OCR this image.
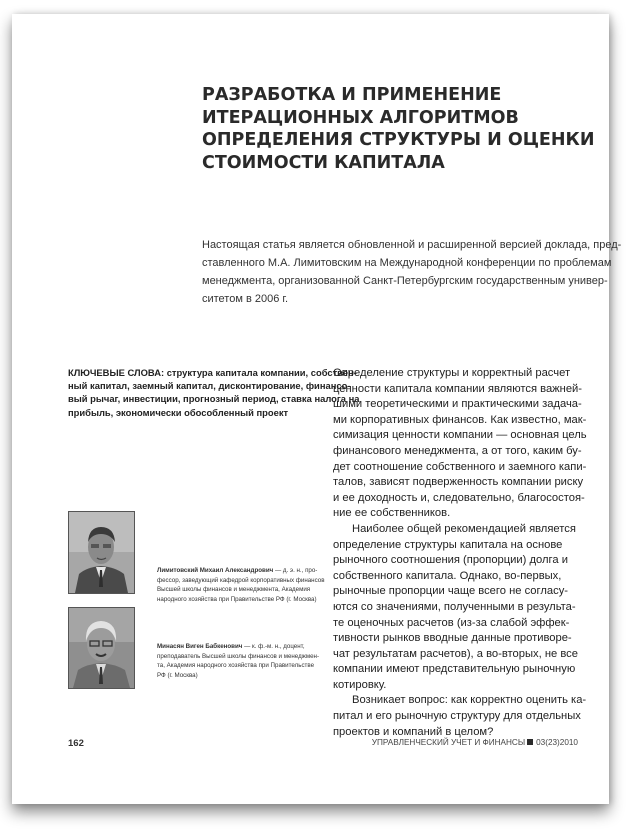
РАЗРАБОТКА И ПРИМЕНЕНИЕ
ИТЕРАЦИОННЫХ АЛГОРИТМОВ
ОПРЕДЕЛЕНИЯ СТРУКТУРЫ И ОЦЕНКИ
СТОИМОСТИ КАПИТАЛА
Настоящая статья является обновленной и расширенной версией доклада, пред-
ставленного М.А. Лимитовским на Международной конференции по проблемам
менеджмента, организованной Санкт-Петербургским государственным универ-
ситетом в 2006 г.
КЛЮЧЕВЫЕ СЛОВА: структура капитала компании, собствен-
ный капитал, заемный капитал, дисконтирование, финансо-
вый рычаг, инвестиции, прогнозный период, ставка налога на
прибыль, экономически обособленный проект
Определение структуры и корректный расчет
ценности капитала компании являются важней-
шими теоретическими и практическими задача-
ми корпоративных финансов. Как известно, мак-
симизация ценности компании — основная цель
финансового менеджмента, а от того, каким бу-
дет соотношение собственного и заемного капи-
талов, зависят подверженность компании риску
и ее доходность и, следовательно, благосостоя-
ние ее собственников.
Наиболее общей рекомендацией является
определение структуры капитала на основе
рыночного соотношения (пропорции) долга и
собственного капитала. Однако, во-первых,
рыночные пропорции чаще всего не согласу-
ются со значениями, полученными в результа-
те оценочных расчетов (из-за слабой эффек-
тивности рынков вводные данные противоре-
чат результатам расчетов), а во-вторых, не все
компании имеют представительную рыночную
котировку.
Возникает вопрос: как корректно оценить ка-
питал и его рыночную структуру для отдельных
проектов и компаний в целом?
Лимитовский Михаил Александрович — д. э. н., про-
фессор, заведующий кафедрой корпоративных финансов
Высшей школы финансов и менеджмента, Академия
народного хозяйства при Правительстве РФ (г. Москва)
Минасян Виген Бабкенович — к. ф.-м. н., доцент,
преподаватель Высшей школы финансов и менеджмен-
та, Академия народного хозяйства при Правительстве
РФ (г. Москва)
162	УПРАВЛЕНЧЕСКИЙ УЧЕТ И ФИНАНСЫ 03(23)2010
